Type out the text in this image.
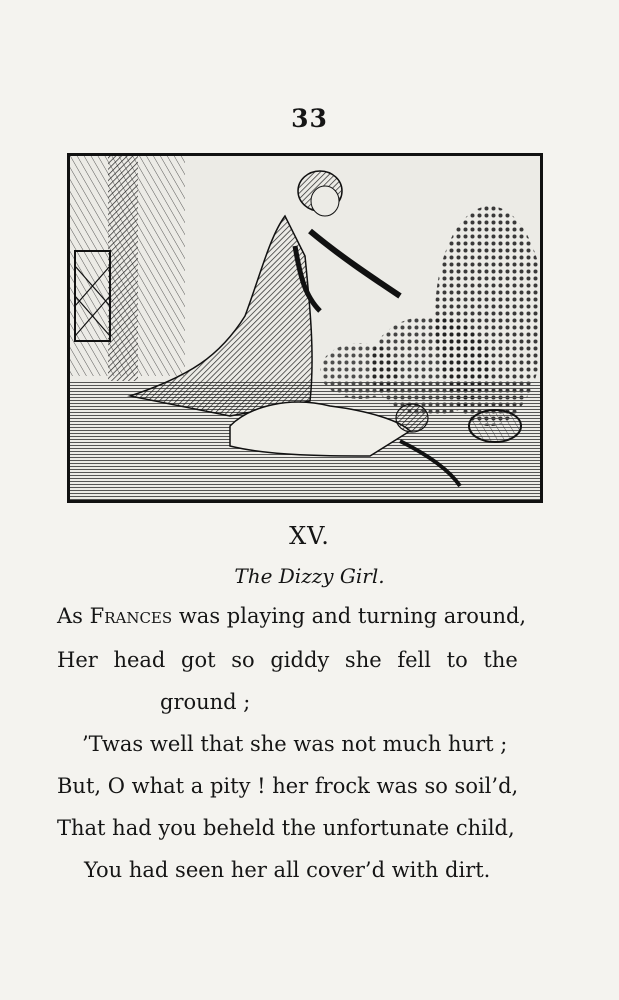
33
XV.
The Dizzy Girl.
As Frances was playing and turning around,
Her head got so giddy she fell to the
ground ;
’Twas well that she was not much hurt ;
But, O what a pity ! her frock was so soil’d,
That had you beheld the unfortunate child,
You had seen her all cover’d with dirt.
